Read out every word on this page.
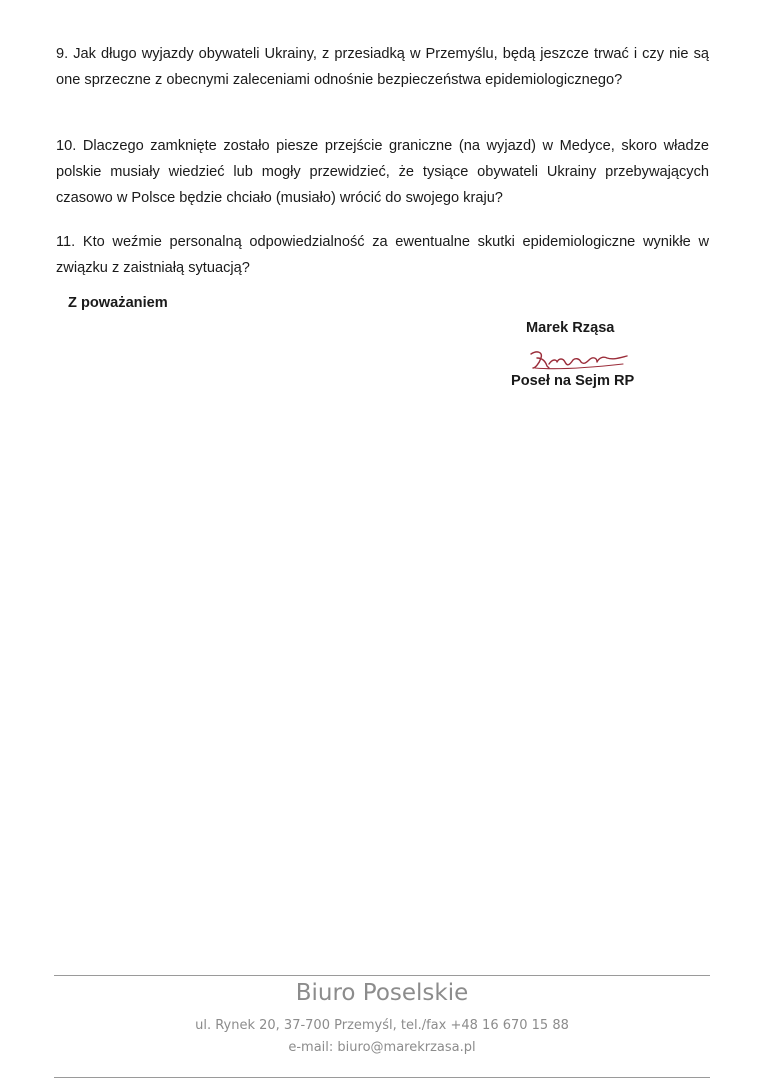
9. Jak długo wyjazdy obywateli Ukrainy, z przesiadką w Przemyślu, będą jeszcze trwać i czy nie są one sprzeczne z obecnymi zaleceniami odnośnie bezpieczeństwa epidemiologicznego?

10. Dlaczego zamknięte zostało piesze przejście graniczne (na wyjazd) w Medyce, skoro władze polskie musiały wiedzieć lub mogły przewidzieć, że tysiące obywateli Ukrainy przebywających czasowo w Polsce będzie chciało (musiało) wrócić do swojego kraju?

11. Kto weźmie personalną odpowiedzialność za ewentualne skutki epidemiologiczne wynikłe w związku z zaistniałą sytuacją?

Z poważaniem

Marek Rząsa

Poseł na Sejm RP

Biuro Poselskie

ul. Rynek 20, 37-700 Przemyśl, tel./fax +48 16 670 15 88

e-mail: biuro@marekrzasa.pl
